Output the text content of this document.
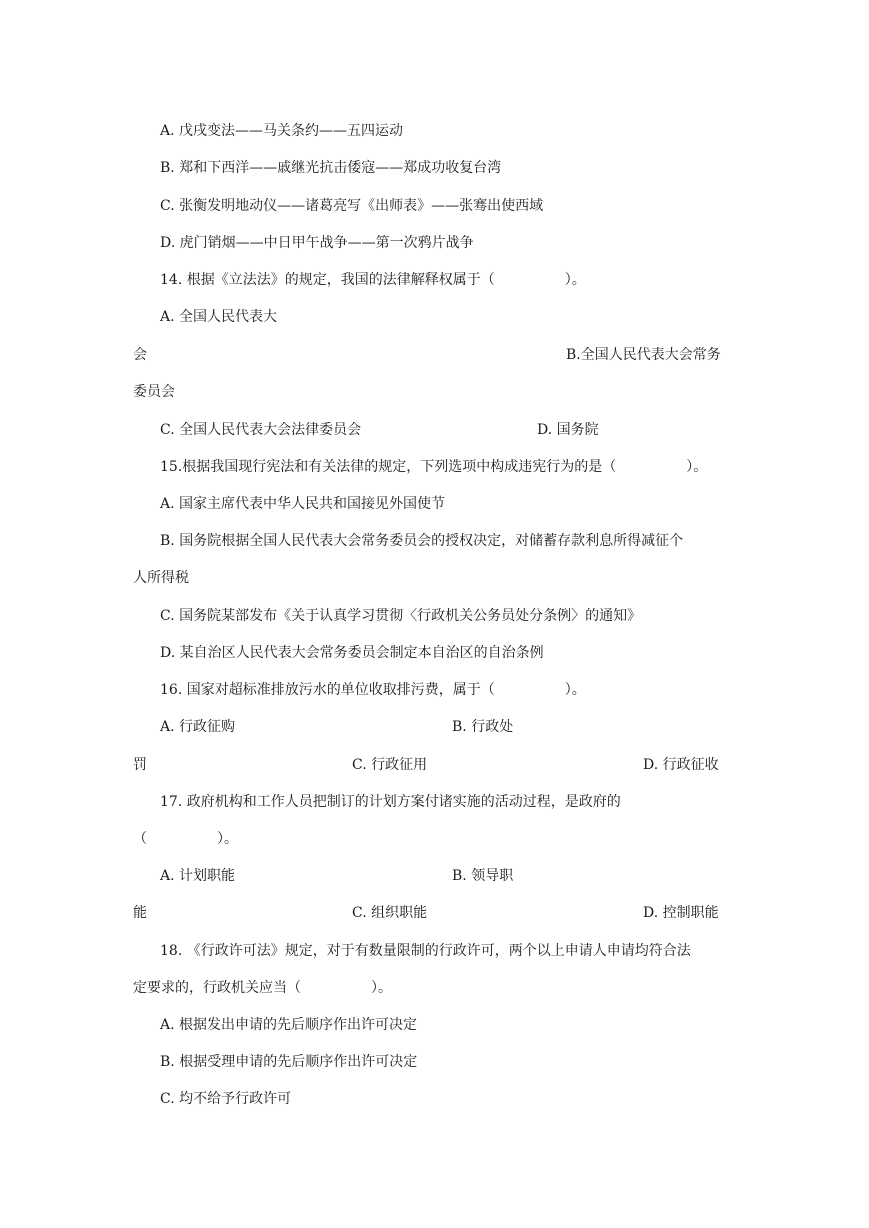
A. 戊戌变法——马关条约——五四运动
B. 郑和下西洋——戚继光抗击倭寇——郑成功收复台湾
C. 张衡发明地动仪——诸葛亮写《出师表》——张骞出使西域
D. 虎门销烟——中日甲午战争——第一次鸦片战争
14. 根据《立法法》的规定，我国的法律解释权属于（　　　　　）。
A. 全国人民代表大
会	B.全国人民代表大会常务
委员会
C. 全国人民代表大会法律委员会	D. 国务院
15.根据我国现行宪法和有关法律的规定，下列选项中构成违宪行为的是（　　　　　）。
A. 国家主席代表中华人民共和国接见外国使节
B. 国务院根据全国人民代表大会常务委员会的授权决定，对储蓄存款利息所得减征个
人所得税
C. 国务院某部发布《关于认真学习贯彻〈行政机关公务员处分条例〉的通知》
D. 某自治区人民代表大会常务委员会制定本自治区的自治条例
16. 国家对超标准排放污水的单位收取排污费，属于（　　　　　）。
A. 行政征购	B. 行政处
罚	C. 行政征用	D. 行政征收
17. 政府机构和工作人员把制订的计划方案付诸实施的活动过程，是政府的
（　　　　　）。
A. 计划职能	B. 领导职
能	C. 组织职能	D. 控制职能
18. 《行政许可法》规定，对于有数量限制的行政许可，两个以上申请人申请均符合法
定要求的，行政机关应当（　　　　　）。
A. 根据发出申请的先后顺序作出许可决定
B. 根据受理申请的先后顺序作出许可决定
C. 均不给予行政许可
